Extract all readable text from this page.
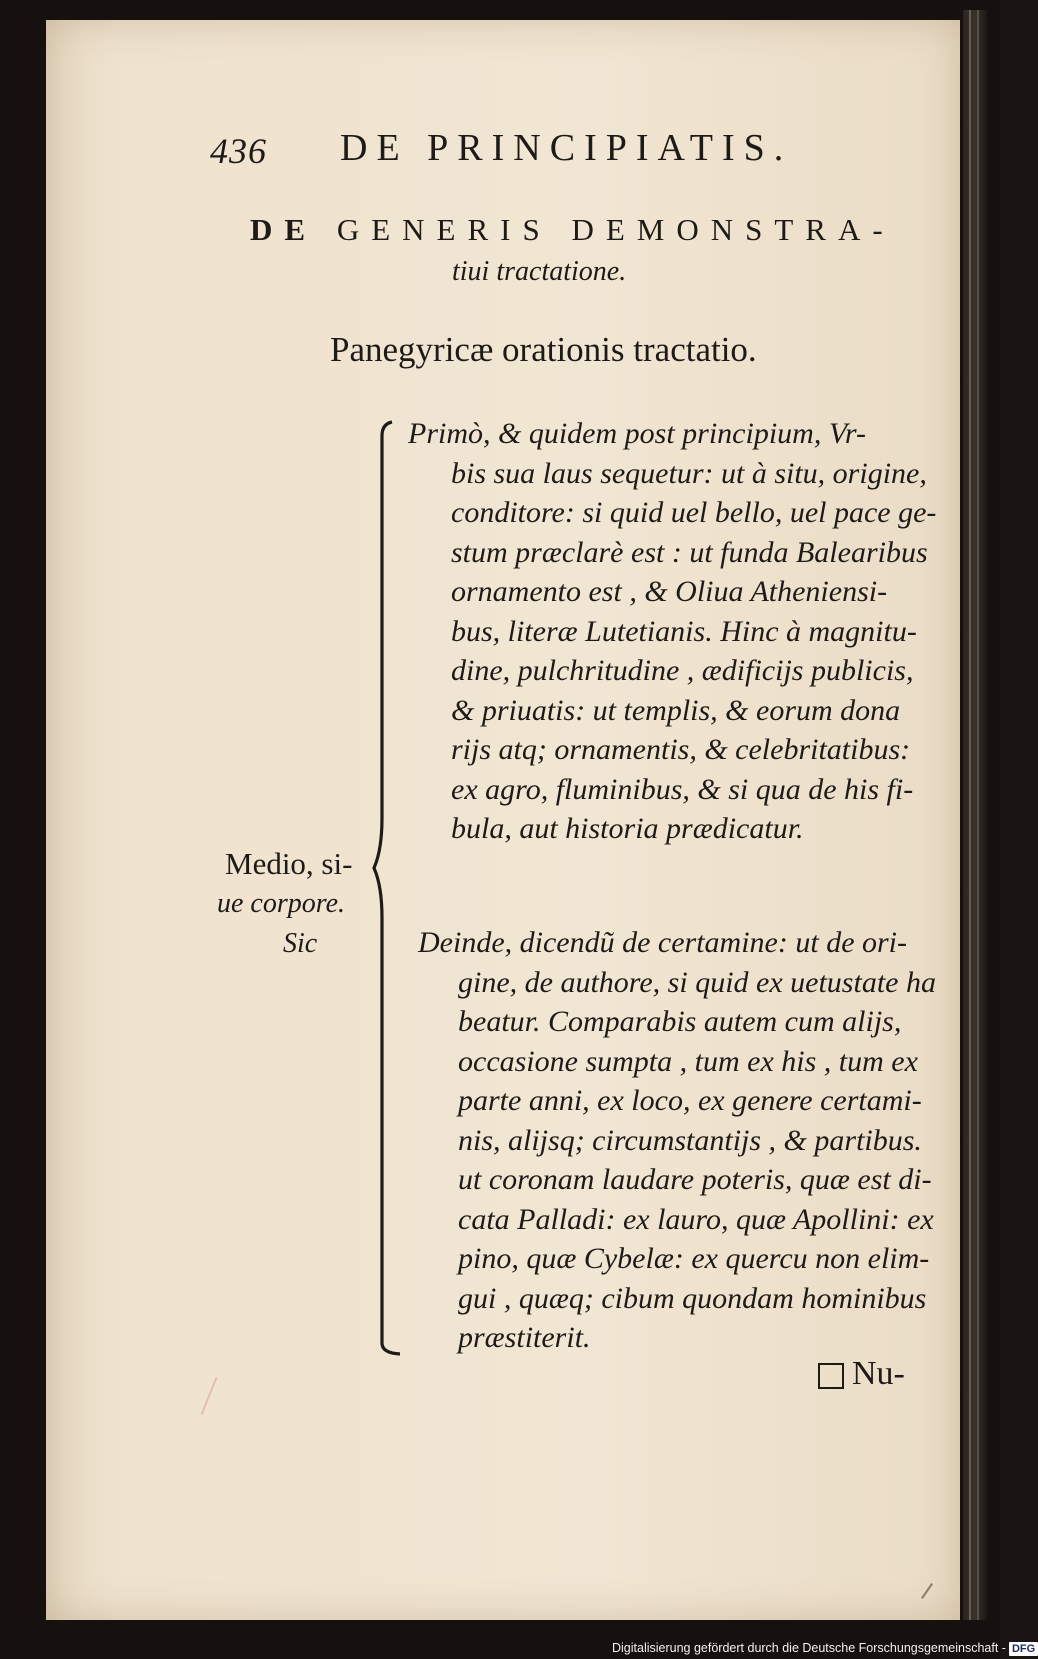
436 DE PRINCIPIATIS.
DE GENERIS DEMONSTRA-
tiui tractatione.
Panegyricæ orationis tractatio.
Medio, si-
ue corpore.
Sic
Primò, & quidem post principium, Vr-
bis sua laus sequetur: ut à situ, origine,
conditore: si quid uel bello, uel pace ge-
stum præclarè est : ut funda Balearibus
ornamento est , & Oliua Atheniensi-
bus, literæ Lutetianis. Hinc à magnitu-
dine, pulchritudine , ædificijs publicis,
& priuatis: ut templis, & eorum dona
rijs atq; ornamentis, & celebritatibus:
ex agro, fluminibus, & si qua de his fi-
bula, aut historia prædicatur.
Deinde, dicendũ de certamine: ut de ori-
gine, de authore, si quid ex uetustate ha
beatur. Comparabis autem cum alijs,
occasione sumpta , tum ex his , tum ex
parte anni, ex loco, ex genere certami-
nis, alijsq; circumstantijs , & partibus.
ut coronam laudare poteris, quæ est di-
cata Palladi: ex lauro, quæ Apollini: ex
pino, quæ Cybelæ: ex quercu non elim-
gui , quæq; cibum quondam hominibus
præstiterit.
Nu-
Digitalisierung gefördert durch die Deutsche Forschungsgemeinschaft - DFG
